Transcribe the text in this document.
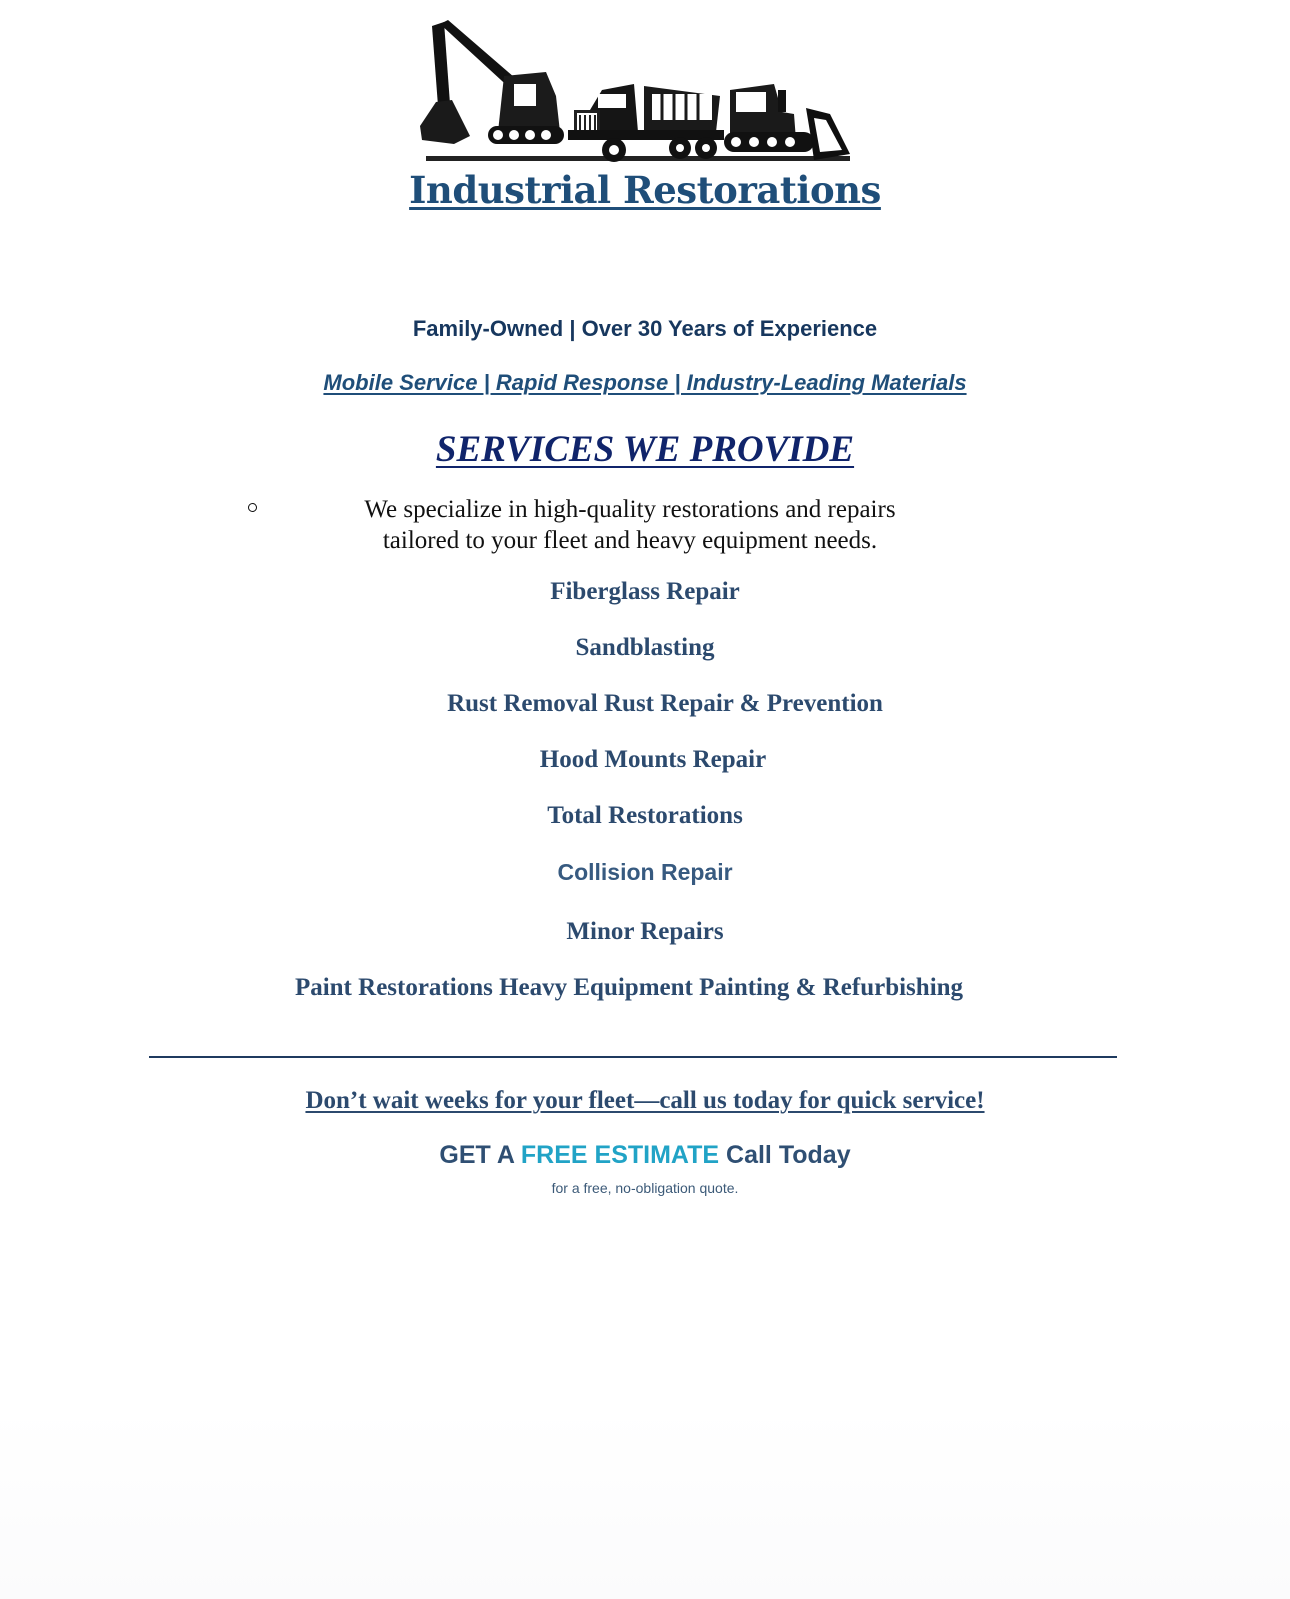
Industrial Restorations
Family-Owned | Over 30 Years of Experience
Mobile Service | Rapid Response | Industry-Leading Materials
SERVICES WE PROVIDE
We specialize in high-quality restorations and repairs
tailored to your fleet and heavy equipment needs.
Fiberglass Repair
Sandblasting
Rust Removal Rust Repair & Prevention
Hood Mounts Repair
Total Restorations
Collision Repair
Minor Repairs
Paint Restorations Heavy Equipment Painting & Refurbishing
Don’t wait weeks for your fleet—call us today for quick service!
GET A FREE ESTIMATE Call Today
for a free, no-obligation quote.
